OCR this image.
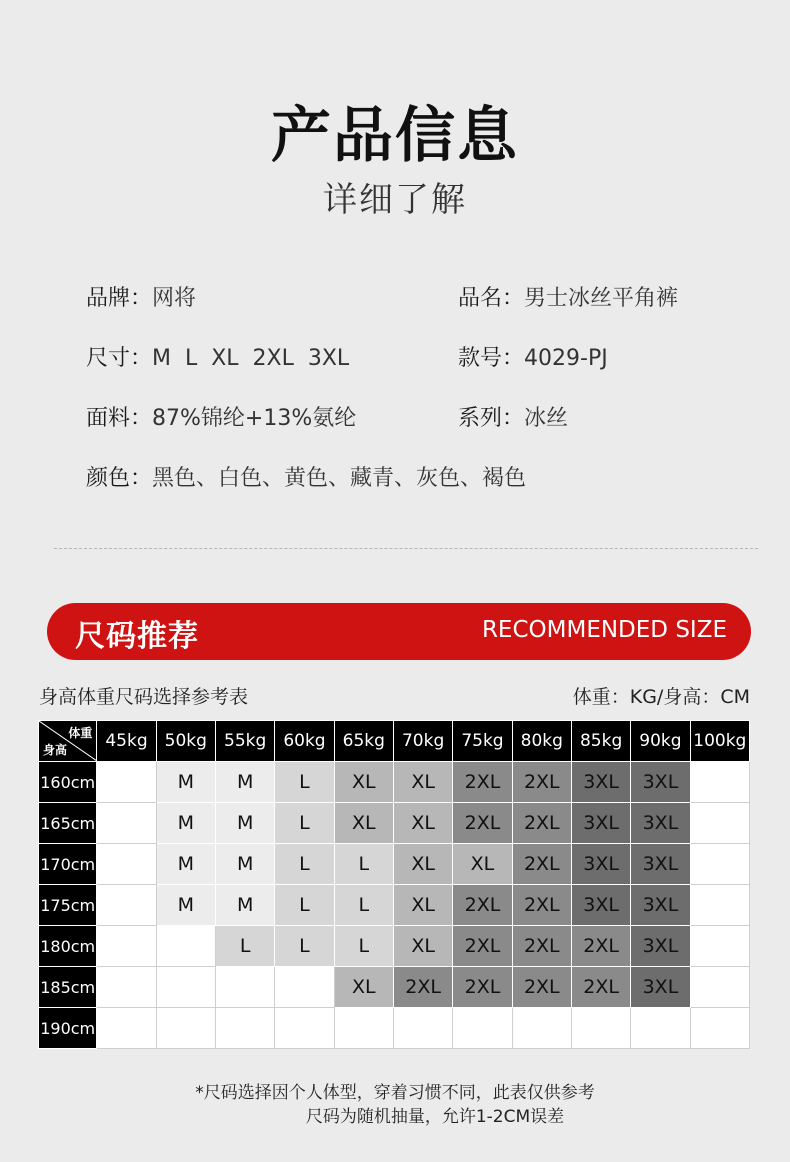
产品信息
详细了解
品牌：网将	品名：男士冰丝平角裤
尺寸：M  L  XL  2XL  3XL	款号：4029-PJ
面料：87%锦纶+13%氨纶	系列：冰丝
颜色：黑色、白色、黄色、藏青、灰色、褐色
尺码推荐	RECOMMENDED SIZE
身高体重尺码选择参考表	体重：KG/身高：CM
体重
身高	45kg	50kg	55kg	60kg	65kg	70kg	75kg	80kg	85kg	90kg	100kg
160cm		M	M	L	XL	XL	2XL	2XL	3XL	3XL	
165cm		M	M	L	XL	XL	2XL	2XL	3XL	3XL	
170cm		M	M	L	L	XL	XL	2XL	3XL	3XL	
175cm		M	M	L	L	XL	2XL	2XL	3XL	3XL	
180cm			L	L	L	XL	2XL	2XL	2XL	3XL	
185cm					XL	2XL	2XL	2XL	2XL	3XL	
190cm											
*尺码选择因个人体型，穿着习惯不同，此表仅供参考
尺码为随机抽量，允许1-2CM误差
